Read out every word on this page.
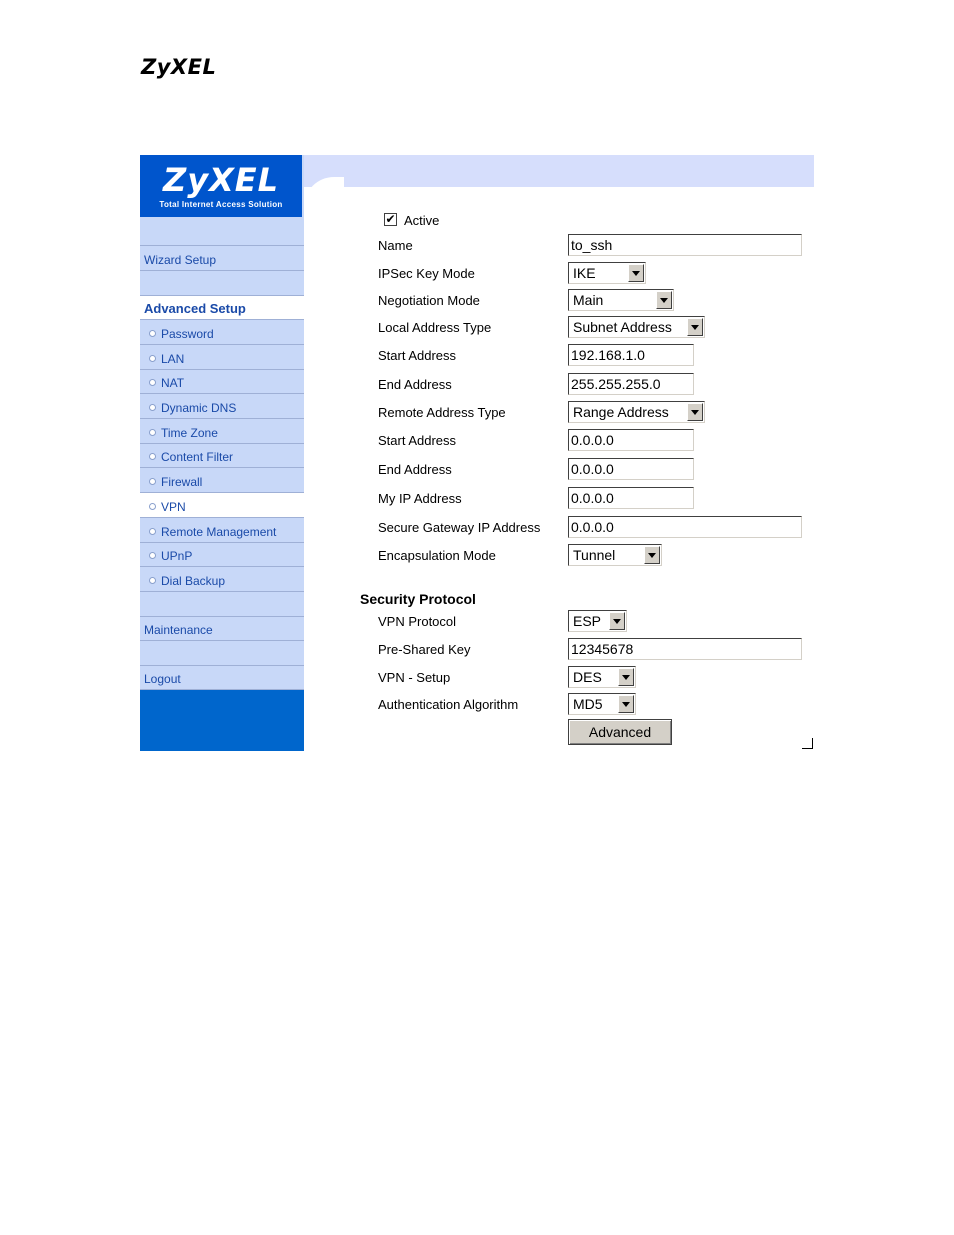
ZyXEL
ZyXEL
Total Internet Access Solution
Wizard Setup
Advanced Setup
Password
LAN
NAT
Dynamic DNS
Time Zone
Content Filter
Firewall
VPN
Remote Management
UPnP
Dial Backup
Maintenance
Logout
✔ Active
Name	to_ssh
IPSec Key Mode	IKE
Negotiation Mode	Main
Local Address Type	Subnet Address
Start Address	192.168.1.0
End Address	255.255.255.0
Remote Address Type	Range Address
Start Address	0.0.0.0
End Address	0.0.0.0
My IP Address	0.0.0.0
Secure Gateway IP Address 0.0.0.0
Encapsulation Mode	Tunnel
Security Protocol
VPN Protocol	ESP
Pre-Shared Key	12345678
VPN - Setup	DES
Authentication Algorithm	MD5
Advanced
